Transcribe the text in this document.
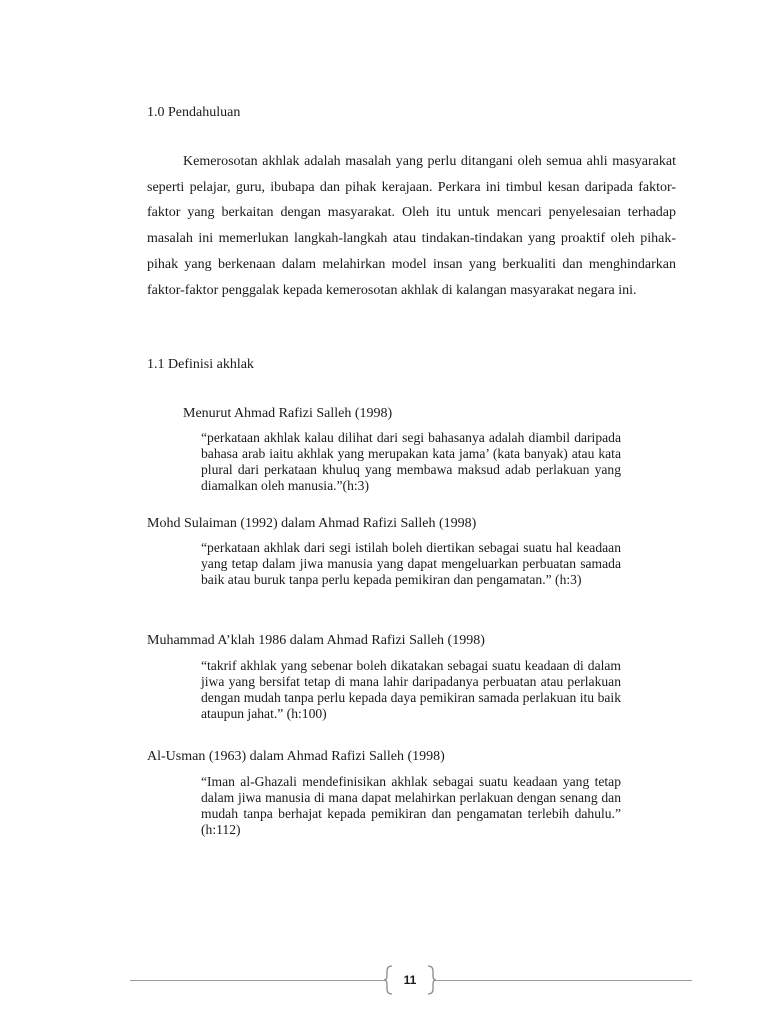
1.0 Pendahuluan

Kemerosotan akhlak adalah masalah yang perlu ditangani oleh semua ahli masyarakat seperti pelajar, guru, ibubapa dan pihak kerajaan. Perkara ini timbul kesan daripada faktor-faktor yang berkaitan dengan masyarakat. Oleh itu untuk mencari penyelesaian terhadap masalah ini memerlukan langkah-langkah atau tindakan-tindakan yang proaktif oleh pihak-pihak yang berkenaan dalam melahirkan model insan yang berkualiti dan menghindarkan faktor-faktor penggalak kepada kemerosotan akhlak di kalangan masyarakat negara ini.

1.1 Definisi akhlak
Menurut Ahmad Rafizi Salleh (1998)

“perkataan akhlak kalau dilihat dari segi bahasanya adalah diambil daripada bahasa arab iaitu akhlak yang merupakan kata jama’ (kata banyak) atau kata plural dari perkataan khuluq yang membawa maksud adab perlakuan yang diamalkan oleh manusia.”(h:3)

Mohd Sulaiman (1992) dalam Ahmad Rafizi Salleh (1998)

“perkataan akhlak dari segi istilah boleh diertikan sebagai suatu hal keadaan yang tetap dalam jiwa manusia yang dapat mengeluarkan perbuatan samada baik atau buruk tanpa perlu kepada pemikiran dan pengamatan.” (h:3)

Muhammad A’klah 1986 dalam Ahmad Rafizi Salleh (1998)

“takrif akhlak yang sebenar boleh dikatakan sebagai suatu keadaan di dalam jiwa yang bersifat tetap di mana lahir daripadanya perbuatan atau perlakuan dengan mudah tanpa perlu kepada daya pemikiran samada perlakuan itu baik ataupun jahat.” (h:100)

Al-Usman (1963) dalam Ahmad Rafizi Salleh (1998)

“Iman al-Ghazali mendefinisikan akhlak sebagai suatu keadaan yang tetap dalam jiwa manusia di mana dapat melahirkan perlakuan dengan senang dan mudah tanpa berhajat kepada pemikiran dan pengamatan terlebih dahulu.” (h:112)

11
